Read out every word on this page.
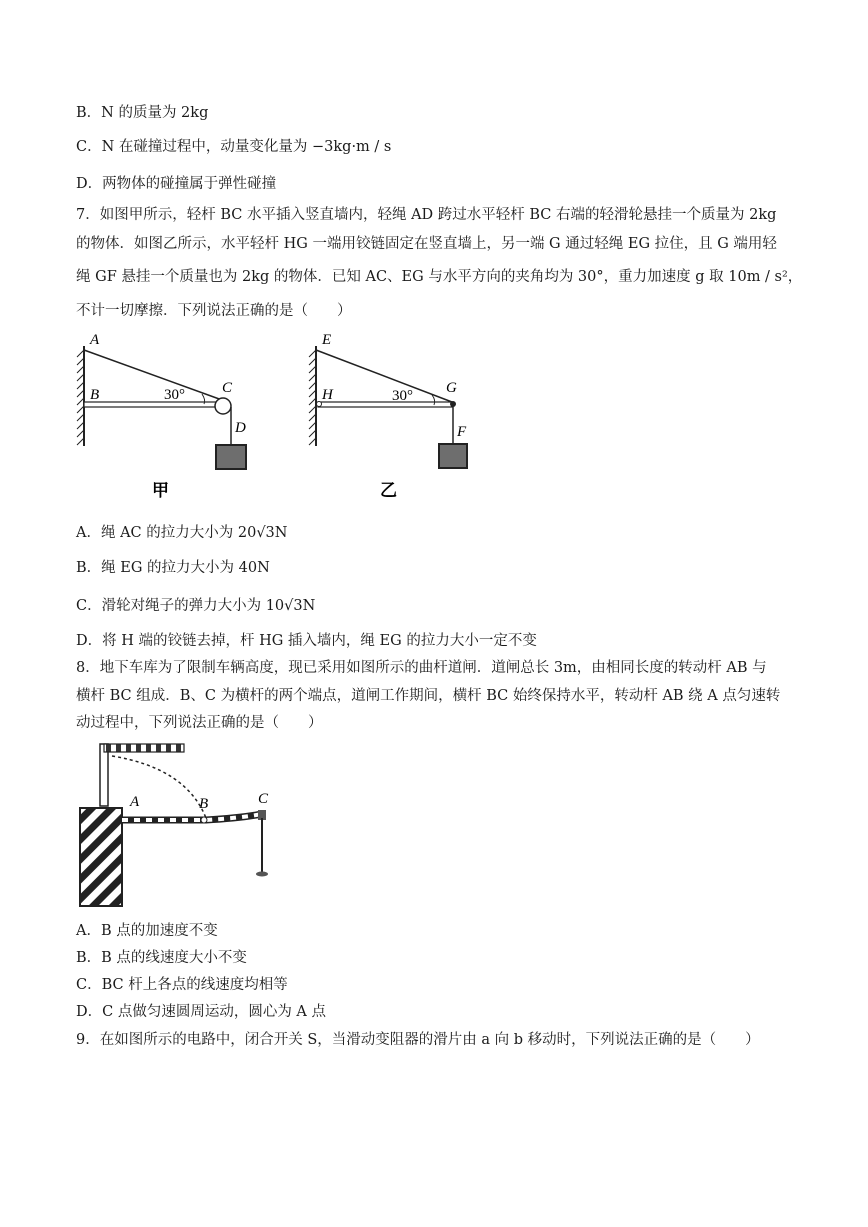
B．N 的质量为 2kg
C．N 在碰撞过程中，动量变化量为 −3kg·m / s
D．两物体的碰撞属于弹性碰撞
7．如图甲所示，轻杆 BC 水平插入竖直墙内，轻绳 AD 跨过水平轻杆 BC 右端的轻滑轮悬挂一个质量为 2kg
的物体．如图乙所示，水平轻杆 HG 一端用铰链固定在竖直墙上，另一端 G 通过轻绳 EG 拉住，且 G 端用轻
绳 GF 悬挂一个质量也为 2kg 的物体．已知 AC、EG 与水平方向的夹角均为 30°，重力加速度 g 取 10m / s²，
不计一切摩擦．下列说法正确的是（　　）
A
B	30° C
D
甲
E
H	30° G
F
乙
A．绳 AC 的拉力大小为 20√3N
B．绳 EG 的拉力大小为 40N
C．滑轮对绳子的弹力大小为 10√3N
D．将 H 端的铰链去掉，杆 HG 插入墙内，绳 EG 的拉力大小一定不变
8．地下车库为了限制车辆高度，现已采用如图所示的曲杆道闸．道闸总长 3m，由相同长度的转动杆 AB 与
横杆 BC 组成．B、C 为横杆的两个端点，道闸工作期间，横杆 BC 始终保持水平，转动杆 AB 绕 A 点匀速转
动过程中，下列说法正确的是（　　）
A	B	C
A．B 点的加速度不变
B．B 点的线速度大小不变
C．BC 杆上各点的线速度均相等
D．C 点做匀速圆周运动，圆心为 A 点
9．在如图所示的电路中，闭合开关 S，当滑动变阻器的滑片由 a 向 b 移动时，下列说法正确的是（　　）
